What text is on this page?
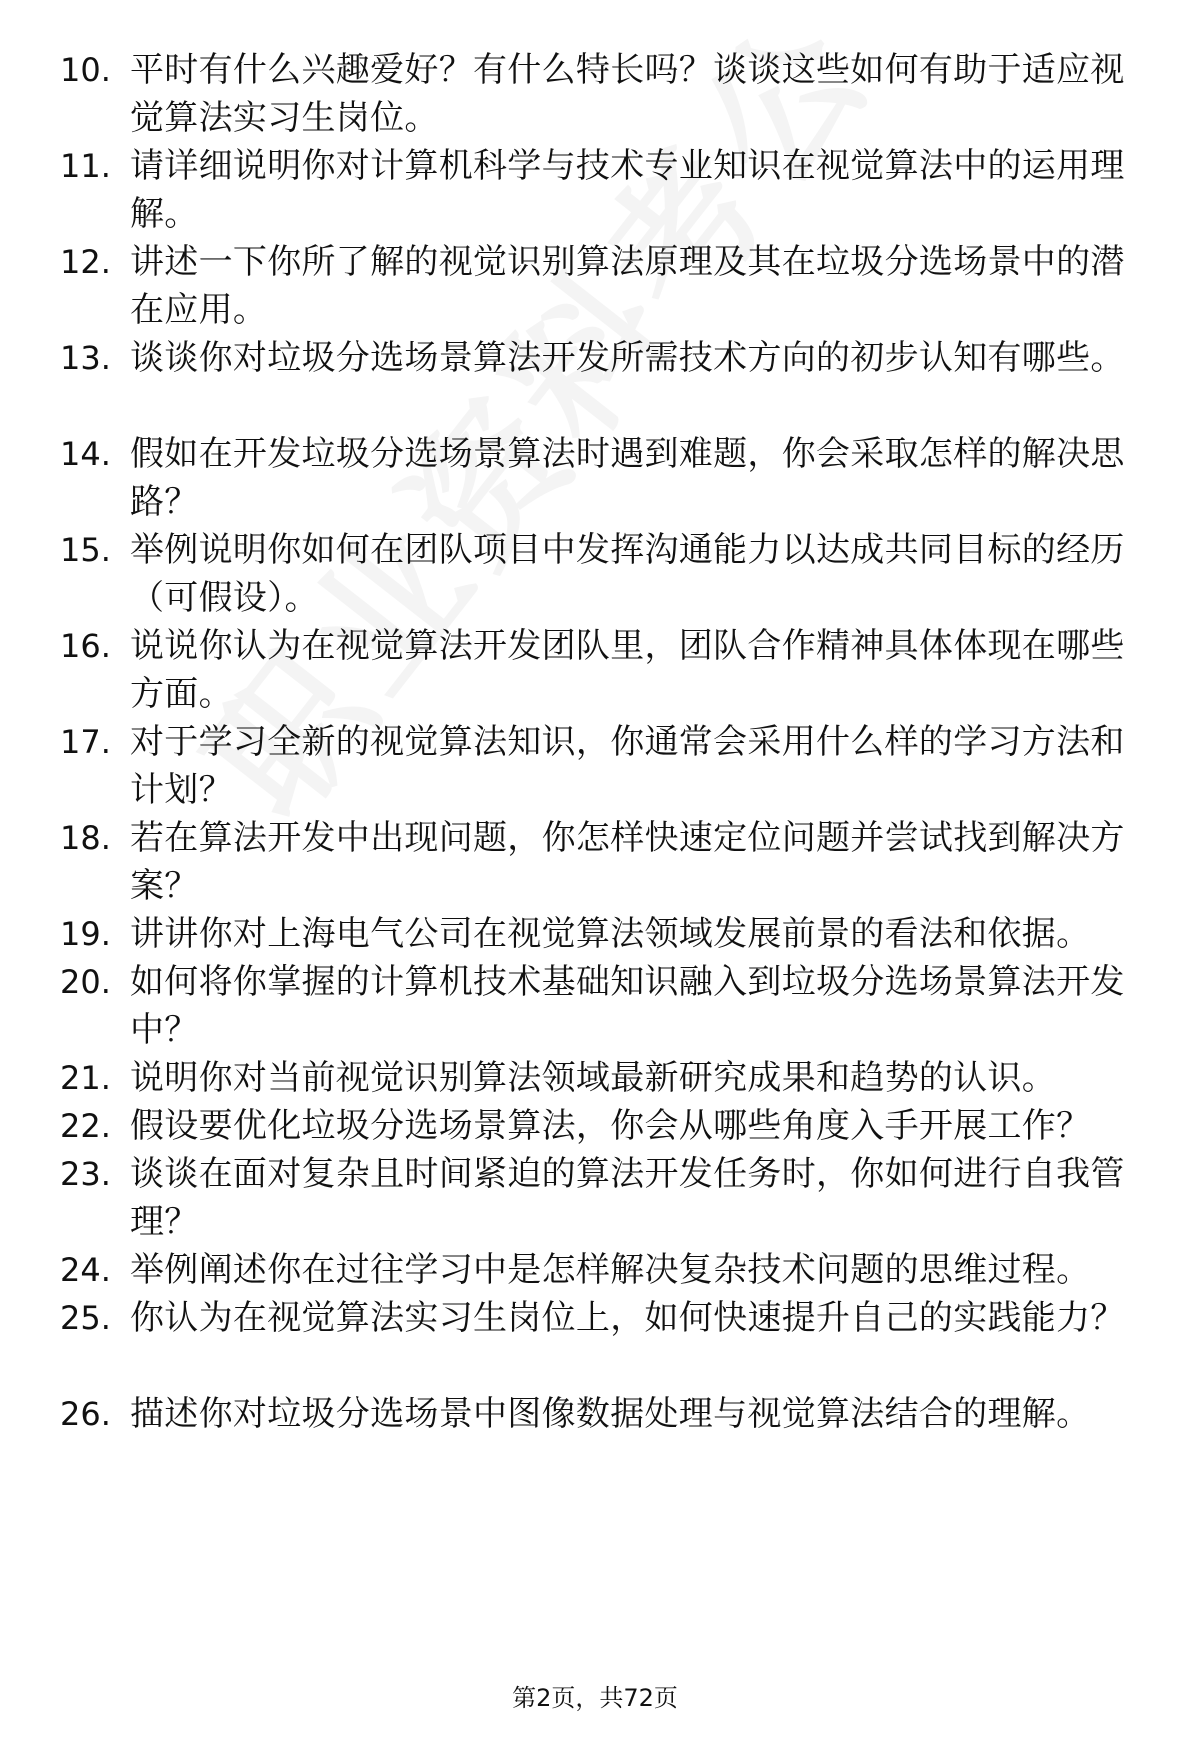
10. 平时有什么兴趣爱好？有什么特长吗？谈谈这些如何有助于适应视觉算法实习生岗位。
11. 请详细说明你对计算机科学与技术专业知识在视觉算法中的运用理解。
12. 讲述一下你所了解的视觉识别算法原理及其在垃圾分选场景中的潜在应用。
13. 谈谈你对垃圾分选场景算法开发所需技术方向的初步认知有哪些。
14. 假如在开发垃圾分选场景算法时遇到难题，你会采取怎样的解决思路？
15. 举例说明你如何在团队项目中发挥沟通能力以达成共同目标的经历（可假设）。
16. 说说你认为在视觉算法开发团队里，团队合作精神具体体现在哪些方面。
17. 对于学习全新的视觉算法知识，你通常会采用什么样的学习方法和计划？
18. 若在算法开发中出现问题，你怎样快速定位问题并尝试找到解决方案？
19. 讲讲你对上海电气公司在视觉算法领域发展前景的看法和依据。
20. 如何将你掌握的计算机技术基础知识融入到垃圾分选场景算法开发中？
21. 说明你对当前视觉识别算法领域最新研究成果和趋势的认识。
22. 假设要优化垃圾分选场景算法，你会从哪些角度入手开展工作？
23. 谈谈在面对复杂且时间紧迫的算法开发任务时，你如何进行自我管理？
24. 举例阐述你在过往学习中是怎样解决复杂技术问题的思维过程。
25. 你认为在视觉算法实习生岗位上，如何快速提升自己的实践能力？
26. 描述你对垃圾分选场景中图像数据处理与视觉算法结合的理解。
第2页，共72页
